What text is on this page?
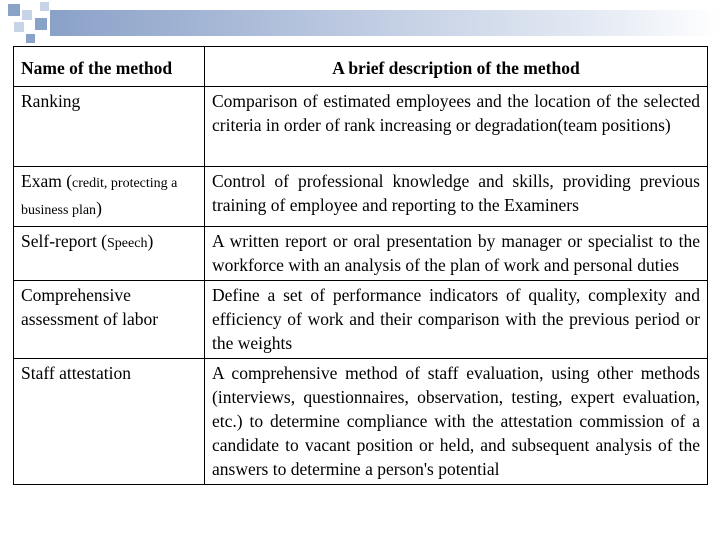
Name of the method	A brief description of the method
Ranking	Comparison of estimated employees and the location of the selected criteria in order of rank increasing or degradation(team positions)
Exam (credit, protecting a business plan)	Control of professional knowledge and skills, providing previous training of employee and reporting to the Examiners
Self-report (Speech)	A written report or oral presentation by manager or specialist to the workforce with an analysis of the plan of work and personal duties
Comprehensive assessment of labor	Define a set of performance indicators of quality, complexity and efficiency of work and their comparison with the previous period or the weights
Staff attestation	A comprehensive method of staff evaluation, using other methods (interviews, questionnaires, observation, testing, expert evaluation, etc.) to determine compliance with the attestation commission of a candidate to vacant position or held, and subsequent analysis of the answers to determine a person's potential
